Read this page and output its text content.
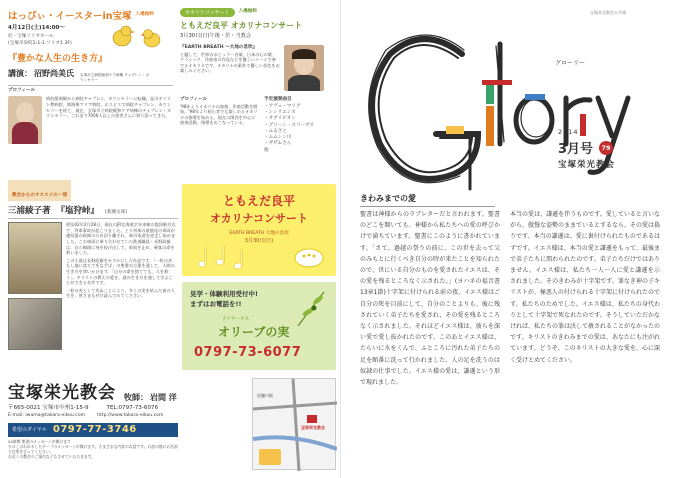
はっぴぃ・イースターin宝塚 入場無料
4月12日(土)14:00～
於・宝塚ソリオホール
(宝塚市栄町2-1-1 ソリオ1 3F)
『豊かな人生の生き方』
講演： 沼野尚美氏 宝塚市立病院緩和ケア病棟 チャプレン・カウンセラー
プロフィール
病院薬剤師から病院チャプレン、カウンセラーに転職。淀川キリスト教病院、姫路聖マリア病院、ホスピスで病院チャプレン、カウンセラーを経て、現在、宝塚市立病院緩和ケア病棟のチャプレン・カウンセラー。これまで7000人以上の患者さんに寄り添ってきた。
オカリナコンサート	入場無料
ともえだ良平 オカリナコンサート
3月30日(日)午後・於・当教会
『EARTH BREATH ～大地の息吹』
と題して、世界のポピュラー音楽、日本の心の歌、クラシック、作曲家の作品などを優しいトーンで奏でるオカリナです。オカリナの素朴で優しい音色をお楽しみください。
プロフィール
'98年よりオカリナの演奏、作曲活動を開始。'98年より初心者でも楽しめるオカリナの指導を始める。現在は関西を中心に演奏活動、指導をおこなっている。
予定演奏曲目
・アヴェ・マリア
・シシリエンヌ
・オブリビオン
・グリーン・スリーブス
・ふるさと
・ムムシン川
・ザザムさん
他
教会からのオススメの一冊
三浦綾子著 『塩狩峠』 [新潮文庫]
明治42年2月28日、現在のJR北海道宗谷本線の塩狩駅付近で、列車事故が起こりました。上り列車の最後尾の車両が連結器の故障のため切り離され、峠の坂道を逆走し始めました。この車両に乗り合わせていた鉄道職員・長野政雄は、自ら線路に身を投げ出して、車両を止め、乗客の命を救いました。
この小説は長野政雄をモデルにした作品です。「一粒の麦もし地に落ちて死なずば」の聖書の言葉を通して、人間の生き方を問いかけます。「自分の命を捨てても、人を救う」。キリストの教えの愛を、彼の生き方を通して学ぶことができる名作です。
一粒の麦として死ぬことにより、多くの実を結んだ彼の人生を、皆さまもぜひ読んでみてください。
ともえだ良平
オカリナコンサート
EARTH BREATH 大地の息吹
3月30日(日)
見学・体験利用受付中!
まずはお電話を!!
デイサービス
オリーブの実
0797-73-6077
宝塚栄光教会 牧師： 岩間 洋
〒665-0021 宝塚市中州1-15-9	TEL:0797-73-6076
E-mail: iwama@takara-eikou.com	http://www.takara-eikou.com
希望のダイヤル 0797-77-3746
24時間 聖書のメッセージが聞けます
ちのこのわれるしたテープのメッセージが聞けます。さまざまな内容のお話です。お話の後にお名前と住所を言ってください。
お近くの教会のご案内などもさせていただきます。
宝塚栄光教会
逆瀬川駅
宝塚栄光教会の月報
グローリー
2014
3月号	79
宝塚栄光教会
きわみまでの愛
聖書は神様からのラブレターだと言われます。聖書のどこを開いても、神様から私たちへの愛の呼びかけで満ちています。聖書にこのように書かれています。「さて、過越の祭りの前に、この世を去って父のみもとに行くべき自分の時が来たことを知られたので、世にいる自分のものを愛されたイエスは、その愛を残るところなく示された。」(ヨハネの福音書13章1節)十字架に付けられる前の夜、イエス様はご自分の死を目前にして、自分のことよりも、後に残されていく弟子たちを愛され、その愛を残るところなく示されました。それほどイエス様は、彼らを深い愛で愛し抜かれたのです。このあとイエス様は、たらいに水をくんで、ふところに汚れた弟子たちの足を順番に洗って行かれました。人の足を洗うのは奴隷の仕事でした。イエス様の愛は、謙遜という形で現れました。
本当の愛は、謙遜を伴うものです。愛していると言いながら、傲慢な姿勢のままでいるとするなら、その愛は偽りです。本当の謙遜は、愛に裏付けられたものであるはずです。イエス様は、本当の愛と謙遜をもって、最後まで弟子たちに関わられたのです。弟子たちだけではありません。イエス様は、私たち一人一人に愛と謙遜を示されました。そのきわみが十字架です。罪なき神の子キリストが、極悪人の付けられる十字架に付けられたのです。私たちのためでした。イエス様は、私たちの身代わりとして十字架で死なれたのです。そうしていただかなければ、私たちの罪は決して赦されることがなかったのです。キリストのきわみまでの愛は、あなたにも注がれています。どうぞ、このキリストの大きな愛を、心に深く受けとめてください。
